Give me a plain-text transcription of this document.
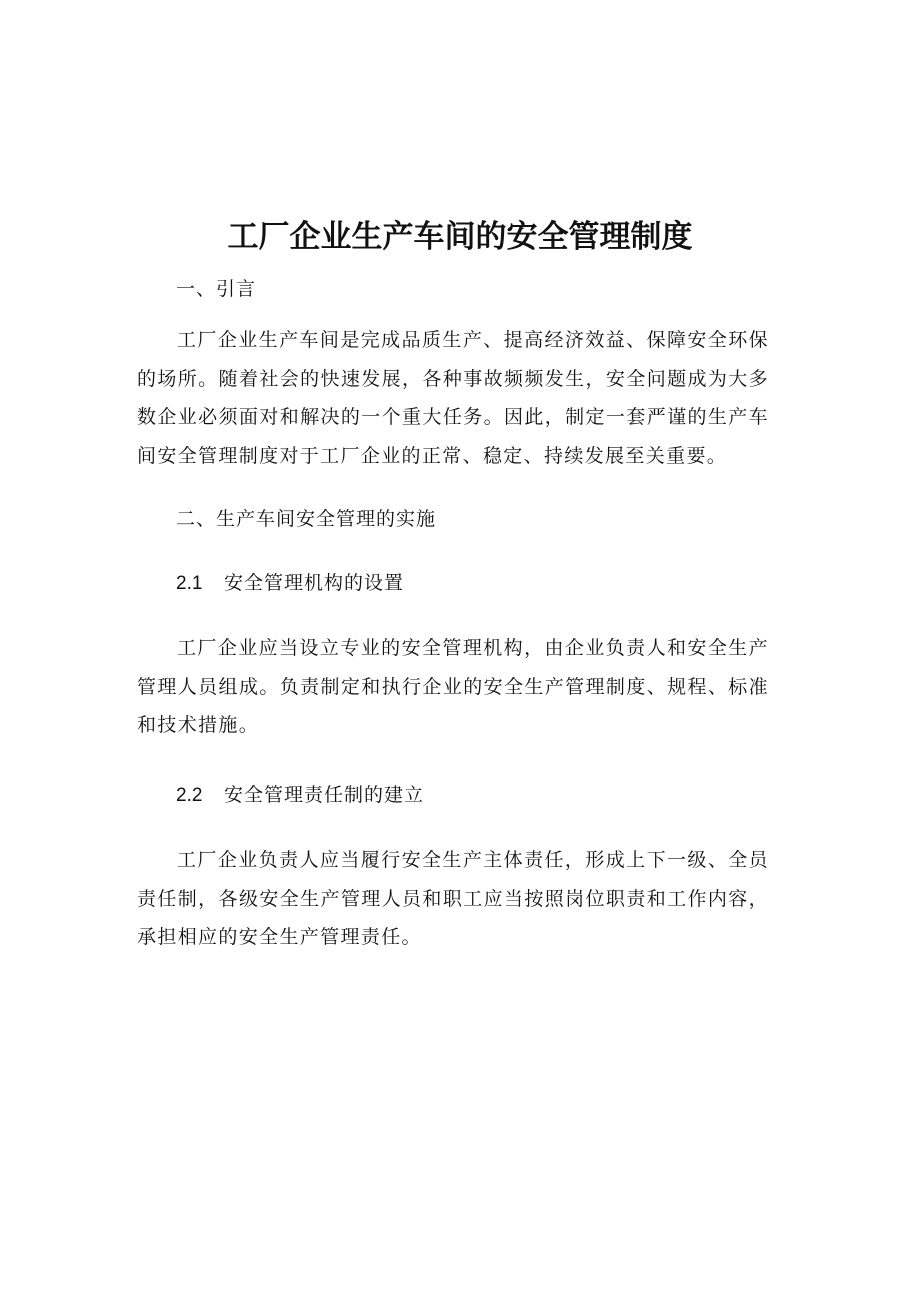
工厂企业生产车间的安全管理制度

一、引言

工厂企业生产车间是完成品质生产、提高经济效益、保障安全环保的场所。随着社会的快速发展，各种事故频频发生，安全问题成为大多数企业必须面对和解决的一个重大任务。因此，制定一套严谨的生产车间安全管理制度对于工厂企业的正常、稳定、持续发展至关重要。

二、生产车间安全管理的实施

2.1 安全管理机构的设置

工厂企业应当设立专业的安全管理机构，由企业负责人和安全生产管理人员组成。负责制定和执行企业的安全生产管理制度、规程、标准和技术措施。

2.2 安全管理责任制的建立

工厂企业负责人应当履行安全生产主体责任，形成上下一级、全员责任制，各级安全生产管理人员和职工应当按照岗位职责和工作内容，承担相应的安全生产管理责任。
